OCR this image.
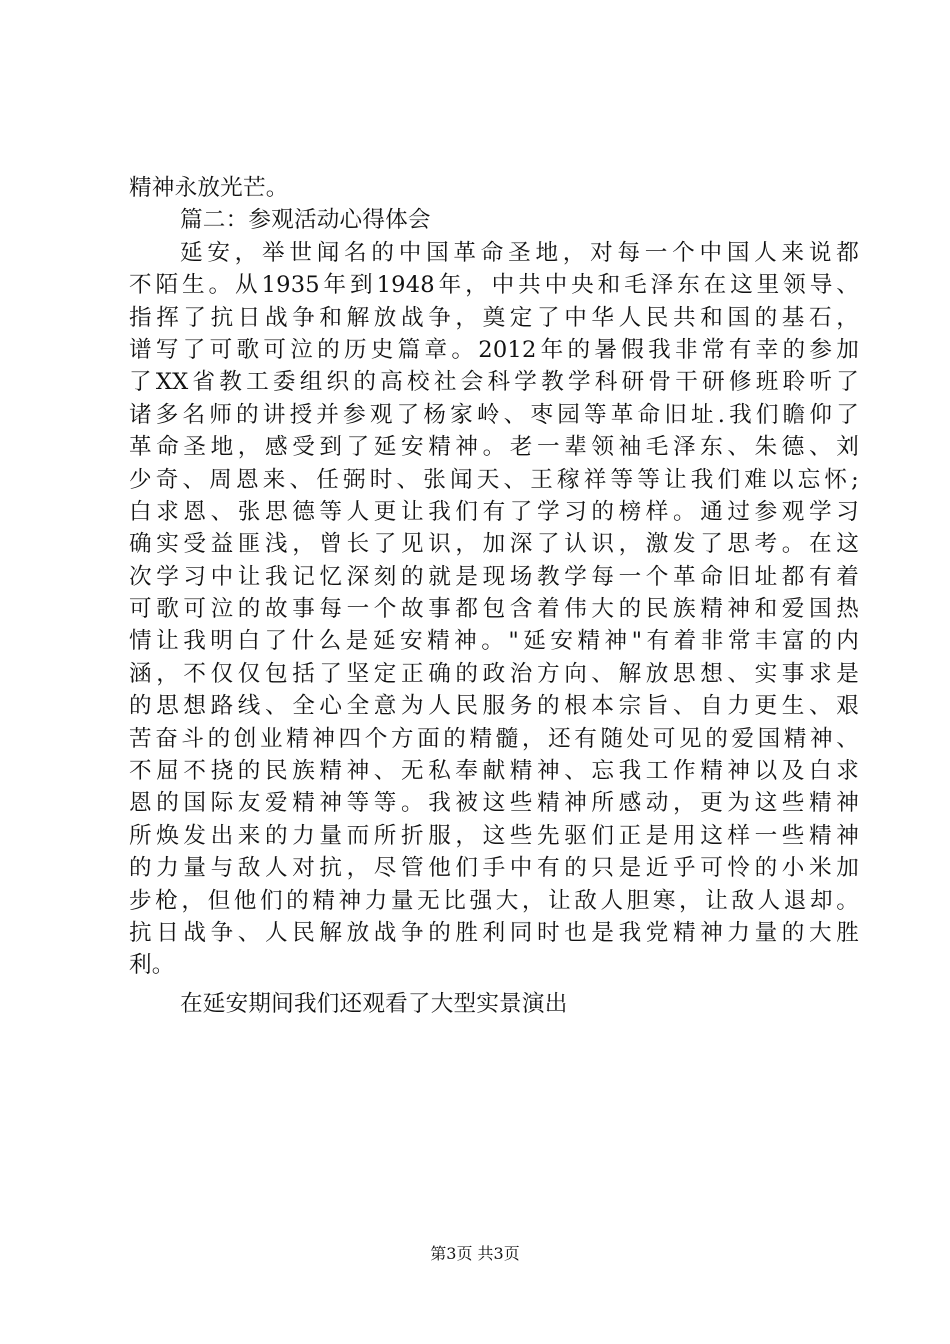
精神永放光芒。
篇二：参观活动心得体会
延安，举世闻名的中国革命圣地，对每一个中国人来说都
不陌生。从1935年到1948年，中共中央和毛泽东在这里领导、
指挥了抗日战争和解放战争，奠定了中华人民共和国的基石，
谱写了可歌可泣的历史篇章。2012年的暑假我非常有幸的参加
了XX省教工委组织的高校社会科学教学科研骨干研修班聆听了
诸多名师的讲授并参观了杨家岭、枣园等革命旧址.我们瞻仰了
革命圣地，感受到了延安精神。老一辈领袖毛泽东、朱德、刘
少奇、周恩来、任弼时、张闻天、王稼祥等等让我们难以忘怀;
白求恩、张思德等人更让我们有了学习的榜样。通过参观学习
确实受益匪浅，曾长了见识，加深了认识，激发了思考。在这
次学习中让我记忆深刻的就是现场教学每一个革命旧址都有着
可歌可泣的故事每一个故事都包含着伟大的民族精神和爱国热
情让我明白了什么是延安精神。"延安精神"有着非常丰富的内
涵，不仅仅包括了坚定正确的政治方向、解放思想、实事求是
的思想路线、全心全意为人民服务的根本宗旨、自力更生、艰
苦奋斗的创业精神四个方面的精髓，还有随处可见的爱国精神、
不屈不挠的民族精神、无私奉献精神、忘我工作精神以及白求
恩的国际友爱精神等等。我被这些精神所感动，更为这些精神
所焕发出来的力量而所折服，这些先驱们正是用这样一些精神
的力量与敌人对抗，尽管他们手中有的只是近乎可怜的小米加
步枪，但他们的精神力量无比强大，让敌人胆寒，让敌人退却。
抗日战争、人民解放战争的胜利同时也是我党精神力量的大胜
利。
在延安期间我们还观看了大型实景演出
第3页 共3页
